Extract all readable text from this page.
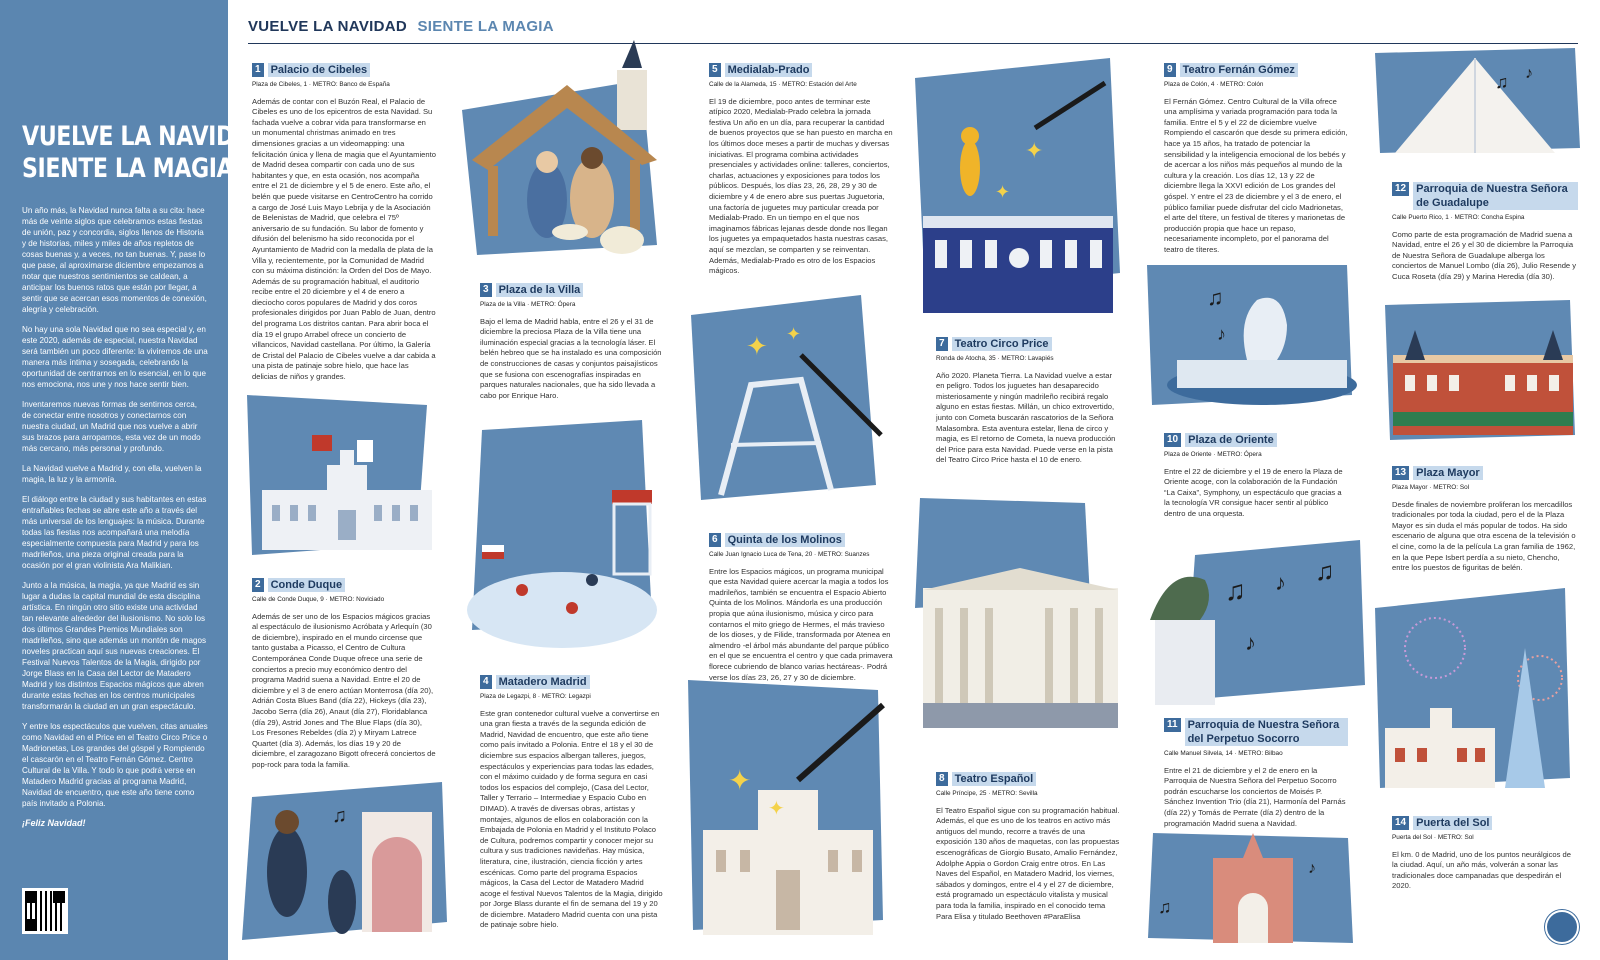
VUELVE LA NAVIDAD,
SIENTE LA MAGIA

Un año más, la Navidad nunca falta a su cita: hace más de veinte siglos que celebramos estas fiestas de unión, paz y concordia, siglos llenos de Historia y de historias, miles y miles de años repletos de cosas buenas y, a veces, no tan buenas. Y, pase lo que pase, al aproximarse diciembre empezamos a notar que nuestros sentimientos se caldean, a anticipar los buenos ratos que están por llegar, a sentir que se acercan esos momentos de conexión, alegría y celebración.

No hay una sola Navidad que no sea especial y, en este 2020, además de especial, nuestra Navidad será también un poco diferente: la viviremos de una manera más íntima y sosegada, celebrando la oportunidad de centrarnos en lo esencial, en lo que nos emociona, nos une y nos hace sentir bien.

Inventaremos nuevas formas de sentirnos cerca, de conectar entre nosotros y conectarnos con nuestra ciudad, un Madrid que nos vuelve a abrir sus brazos para arroparnos, esta vez de un modo más cercano, más personal y profundo.

La Navidad vuelve a Madrid y, con ella, vuelven la magia, la luz y la armonía.

El diálogo entre la ciudad y sus habitantes en estas entrañables fechas se abre este año a través del más universal de los lenguajes: la música. Durante todas las fiestas nos acompañará una melodía especialmente compuesta para Madrid y para los madrileños, una pieza original creada para la ocasión por el gran violinista Ara Malikian.

Junto a la música, la magia, ya que Madrid es sin lugar a dudas la capital mundial de esta disciplina artística. En ningún otro sitio existe una actividad tan relevante alrededor del ilusionismo. No solo los dos últimos Grandes Premios Mundiales son madrileños, sino que además un montón de magos noveles practican aquí sus nuevas creaciones. El Festival Nuevos Talentos de la Magia, dirigido por Jorge Blass en la Casa del Lector de Matadero Madrid y los distintos Espacios mágicos que abren durante estas fechas en los centros municipales transformarán la ciudad en un gran espectáculo.

Y entre los espectáculos que vuelven, citas anuales como Navidad en el Price en el Teatro Circo Price o Madrionetas, Los grandes del góspel y Rompiendo el cascarón en el Teatro Fernán Gómez. Centro Cultural de la Villa. Y todo lo que podrá verse en Matadero Madrid gracias al programa Madrid, Navidad de encuentro, que este año tiene como país invitado a Polonia.

¡Feliz Navidad!

VUELVE LA NAVIDAD SIENTE LA MAGIA
♫
✦ ✦
✦
✦
✦
✦
♫
♪
♫ ♪
♫ ♪ ♫
♪
♫
♪
1 Palacio de Cibeles
Plaza de Cibeles, 1 · METRO: Banco de España
Además de contar con el Buzón Real, el Palacio de Cibeles es uno de los epicentros de esta Navidad. Su fachada vuelve a cobrar vida para transformarse en un monumental christmas animado en tres dimensiones gracias a un videomapping: una felicitación única y llena de magia que el Ayuntamiento de Madrid desea compartir con cada uno de sus habitantes y que, en esta ocasión, nos acompaña entre el 21 de diciembre y el 5 de enero. Este año, el belén que puede visitarse en CentroCentro ha corrido a cargo de José Luis Mayo Lebrija y de la Asociación de Belenistas de Madrid, que celebra el 75º aniversario de su fundación. Su labor de fomento y difusión del belenismo ha sido reconocida por el Ayuntamiento de Madrid con la medalla de plata de la Villa y, recientemente, por la Comunidad de Madrid con su máxima distinción: la Orden del Dos de Mayo. Además de su programación habitual, el auditorio recibe entre el 20 diciembre y el 4 de enero a dieciocho coros populares de Madrid y dos coros profesionales dirigidos por Juan Pablo de Juan, dentro del programa Los distritos cantan. Para abrir boca el día 19 el grupo Arrabel ofrece un concierto de villancicos, Navidad castellana. Por último, la Galería de Cristal del Palacio de Cibeles vuelve a dar cabida a una pista de patinaje sobre hielo, que hace las delicias de niños y grandes.
2 Conde Duque
Calle de Conde Duque, 9 · METRO: Noviciado
Además de ser uno de los Espacios mágicos gracias al espectáculo de ilusionismo Acróbata y Arlequín (30 de diciembre), inspirado en el mundo circense que tanto gustaba a Picasso, el Centro de Cultura Contemporánea Conde Duque ofrece una serie de conciertos a precio muy económico dentro del programa Madrid suena a Navidad. Entre el 20 de diciembre y el 3 de enero actúan Monterrosa (día 20), Adrián Costa Blues Band (día 22), Hickeys (día 23), Jacobo Serra (día 26), Anaut (día 27), Floridablanca (día 29), Astrid Jones and The Blue Flaps (día 30), Los Fresones Rebeldes (día 2) y Miryam Latrece Quartet (día 3). Además, los días 19 y 20 de diciembre, el zaragozano Bigott ofrecerá conciertos de pop-rock para toda la familia.
3 Plaza de la Villa
Plaza de la Villa · METRO: Ópera
Bajo el lema de Madrid habla, entre el 26 y el 31 de diciembre la preciosa Plaza de la Villa tiene una iluminación especial gracias a la tecnología láser. El belén hebreo que se ha instalado es una composición de construcciones de casas y conjuntos paisajísticos que se fusiona con escenografías inspiradas en parques naturales nacionales, que ha sido llevada a cabo por Enrique Haro.
4 Matadero Madrid
Plaza de Legazpi, 8 · METRO: Legazpi
Este gran contenedor cultural vuelve a convertirse en una gran fiesta a través de la segunda edición de Madrid, Navidad de encuentro, que este año tiene como país invitado a Polonia. Entre el 18 y el 30 de diciembre sus espacios albergan talleres, juegos, espectáculos y experiencias para todas las edades, con el máximo cuidado y de forma segura en casi todos los espacios del complejo, (Casa del Lector, Taller y Terrario – Intermediae y Espacio Cubo en DIMAD). A través de diversas obras, artistas y montajes, algunos de ellos en colaboración con la Embajada de Polonia en Madrid y el Instituto Polaco de Cultura, podremos compartir y conocer mejor su cultura y sus tradiciones navideñas. Hay música, literatura, cine, ilustración, ciencia ficción y artes escénicas. Como parte del programa Espacios mágicos, la Casa del Lector de Matadero Madrid acoge el festival Nuevos Talentos de la Magia, dirigido por Jorge Blass durante el fin de semana del 19 y 20 de diciembre. Matadero Madrid cuenta con una pista de patinaje sobre hielo.
5 Medialab-Prado
Calle de la Alameda, 15 · METRO: Estación del Arte
El 19 de diciembre, poco antes de terminar este atípico 2020, Medialab-Prado celebra la jornada festiva Un año en un día, para recuperar la cantidad de buenos proyectos que se han puesto en marcha en los últimos doce meses a partir de muchas y diversas iniciativas. El programa combina actividades presenciales y actividades online: talleres, conciertos, charlas, actuaciones y exposiciones para todos los públicos. Después, los días 23, 26, 28, 29 y 30 de diciembre y 4 de enero abre sus puertas Juguetoria, una factoría de juguetes muy particular creada por Medialab-Prado. En un tiempo en el que nos imaginamos fábricas lejanas desde donde nos llegan los juguetes ya empaquetados hasta nuestras casas, aquí se mezclan, se comparten y se reinventan. Además, Medialab-Prado es otro de los Espacios mágicos.
6 Quinta de los Molinos
Calle Juan Ignacio Luca de Tena, 20 · METRO: Suanzes
Entre los Espacios mágicos, un programa municipal que esta Navidad quiere acercar la magia a todos los madrileños, también se encuentra el Espacio Abierto Quinta de los Molinos. Mándorla es una producción propia que aúna ilusionismo, música y circo para contarnos el mito griego de Hermes, el más travieso de los dioses, y de Filide, transformada por Atenea en almendro -el árbol más abundante del parque público en el que se encuentra el centro y que cada primavera florece cubriendo de blanco varias hectáreas-. Podrá verse los días 23, 26, 27 y 30 de diciembre.
7 Teatro Circo Price
Ronda de Atocha, 35 · METRO: Lavapiés
Año 2020. Planeta Tierra. La Navidad vuelve a estar en peligro. Todos los juguetes han desaparecido misteriosamente y ningún madrileño recibirá regalo alguno en estas fiestas. Millán, un chico extrovertido, junto con Cometa buscarán rascatorios de la Señora Malasombra. Esta aventura estelar, llena de circo y magia, es El retorno de Cometa, la nueva producción del Price para esta Navidad. Puede verse en la pista del Teatro Circo Price hasta el 10 de enero.
8 Teatro Español
Calle Príncipe, 25 · METRO: Sevilla
El Teatro Español sigue con su programación habitual. Además, el que es uno de los teatros en activo más antiguos del mundo, recorre a través de una exposición 130 años de maquetas, con las propuestas escenográficas de Giorgio Busato, Amalio Fernández, Adolphe Appia o Gordon Craig entre otros. En Las Naves del Español, en Matadero Madrid, los viernes, sábados y domingos, entre el 4 y el 27 de diciembre, está programado un espectáculo vitalista y musical para toda la familia, inspirado en el conocido tema Para Elisa y titulado Beethoven #ParaElisa
9 Teatro Fernán Gómez
Plaza de Colón, 4 · METRO: Colón
El Fernán Gómez. Centro Cultural de la Villa ofrece una amplísima y variada programación para toda la familia. Entre el 5 y el 22 de diciembre vuelve Rompiendo el cascarón que desde su primera edición, hace ya 15 años, ha tratado de potenciar la sensibilidad y la inteligencia emocional de los bebés y de acercar a los niños más pequeños al mundo de la cultura y la creación. Los días 12, 13 y 22 de diciembre llega la XXVI edición de Los grandes del góspel. Y entre el 23 de diciembre y el 3 de enero, el público familiar puede disfrutar del ciclo Madrionetas, el arte del títere, un festival de títeres y marionetas de producción propia que hace un repaso, necesariamente incompleto, por el panorama del teatro de títeres.
10 Plaza de Oriente
Plaza de Oriente · METRO: Ópera
Entre el 22 de diciembre y el 19 de enero la Plaza de Oriente acoge, con la colaboración de la Fundación “La Caixa”, Symphony, un espectáculo que gracias a la tecnología VR consigue hacer sentir al público dentro de una orquesta.
11 Parroquia de Nuestra Señora del Perpetuo Socorro
Calle Manuel Silvela, 14 · METRO: Bilbao
Entre el 21 de diciembre y el 2 de enero en la Parroquia de Nuestra Señora del Perpetuo Socorro podrán escucharse los conciertos de Moisés P. Sánchez Invention Trio (día 21), Harmonía del Parnás (día 22) y Tomás de Perrate (día 2) dentro de la programación Madrid suena a Navidad.
12 Parroquia de Nuestra Señora de Guadalupe
Calle Puerto Rico, 1 · METRO: Concha Espina
Como parte de esta programación de Madrid suena a Navidad, entre el 26 y el 30 de diciembre la Parroquia de Nuestra Señora de Guadalupe alberga los conciertos de Manuel Lombo (día 26), Julio Resende y Cuca Roseta (día 29) y Marina Heredia (día 30).
13 Plaza Mayor
Plaza Mayor · METRO: Sol
Desde finales de noviembre proliferan los mercadillos tradicionales por toda la ciudad, pero el de la Plaza Mayor es sin duda el más popular de todos. Ha sido escenario de alguna que otra escena de la televisión o el cine, como la de la película La gran familia de 1962, en la que Pepe Isbert perdía a su nieto, Chencho, entre los puestos de figuritas de belén.
14 Puerta del Sol
Puerta del Sol · METRO: Sol
El km. 0 de Madrid, uno de los puntos neurálgicos de la ciudad. Aquí, un año más, volverán a sonar las tradicionales doce campanadas que despedirán el 2020.
